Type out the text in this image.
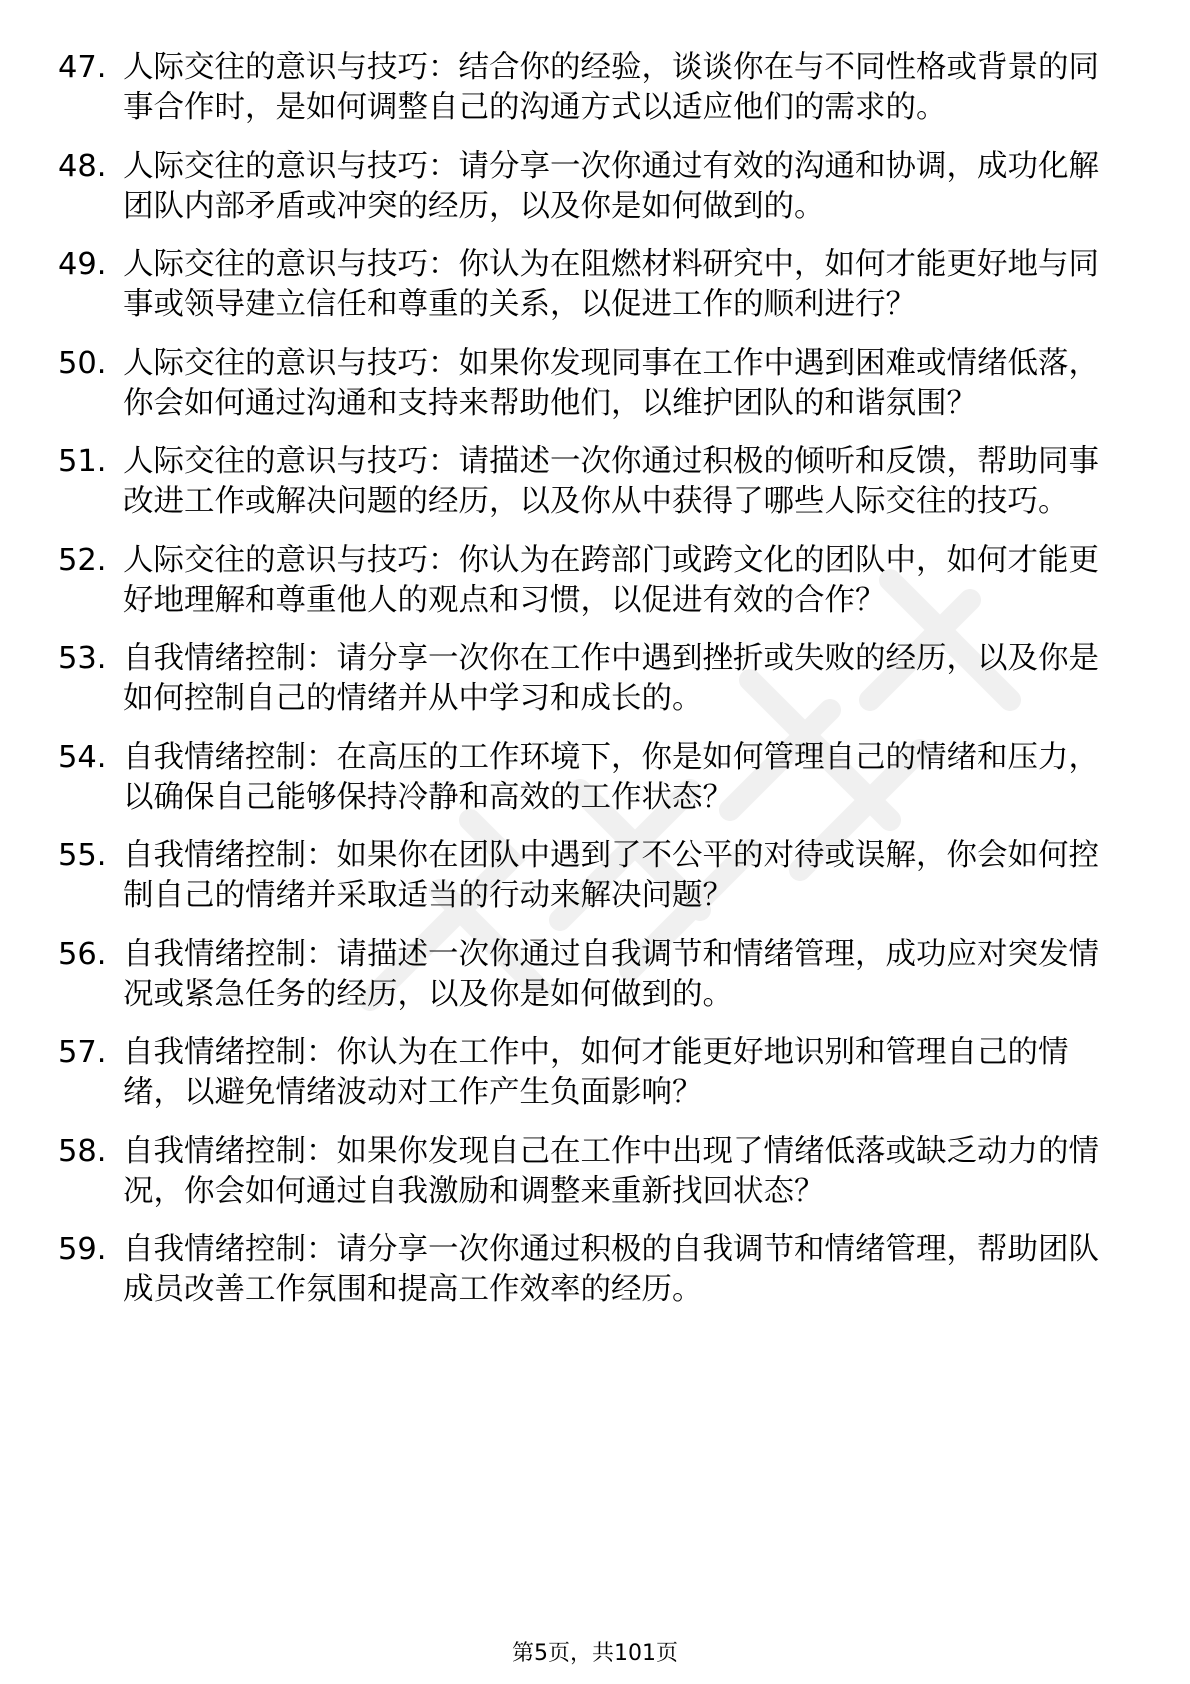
47. 人际交往的意识与技巧：结合你的经验，谈谈你在与不同性格或背景的同事合作时，是如何调整自己的沟通方式以适应他们的需求的。
48. 人际交往的意识与技巧：请分享一次你通过有效的沟通和协调，成功化解团队内部矛盾或冲突的经历，以及你是如何做到的。
49. 人际交往的意识与技巧：你认为在阻燃材料研究中，如何才能更好地与同事或领导建立信任和尊重的关系，以促进工作的顺利进行？
50. 人际交往的意识与技巧：如果你发现同事在工作中遇到困难或情绪低落，你会如何通过沟通和支持来帮助他们，以维护团队的和谐氛围？
51. 人际交往的意识与技巧：请描述一次你通过积极的倾听和反馈，帮助同事改进工作或解决问题的经历，以及你从中获得了哪些人际交往的技巧。
52. 人际交往的意识与技巧：你认为在跨部门或跨文化的团队中，如何才能更好地理解和尊重他人的观点和习惯，以促进有效的合作？
53. 自我情绪控制：请分享一次你在工作中遇到挫折或失败的经历，以及你是如何控制自己的情绪并从中学习和成长的。
54. 自我情绪控制：在高压的工作环境下，你是如何管理自己的情绪和压力，以确保自己能够保持冷静和高效的工作状态？
55. 自我情绪控制：如果你在团队中遇到了不公平的对待或误解，你会如何控制自己的情绪并采取适当的行动来解决问题？
56. 自我情绪控制：请描述一次你通过自我调节和情绪管理，成功应对突发情况或紧急任务的经历，以及你是如何做到的。
57. 自我情绪控制：你认为在工作中，如何才能更好地识别和管理自己的情绪，以避免情绪波动对工作产生负面影响？
58. 自我情绪控制：如果你发现自己在工作中出现了情绪低落或缺乏动力的情况，你会如何通过自我激励和调整来重新找回状态？
59. 自我情绪控制：请分享一次你通过积极的自我调节和情绪管理，帮助团队成员改善工作氛围和提高工作效率的经历。
第5页，共101页
